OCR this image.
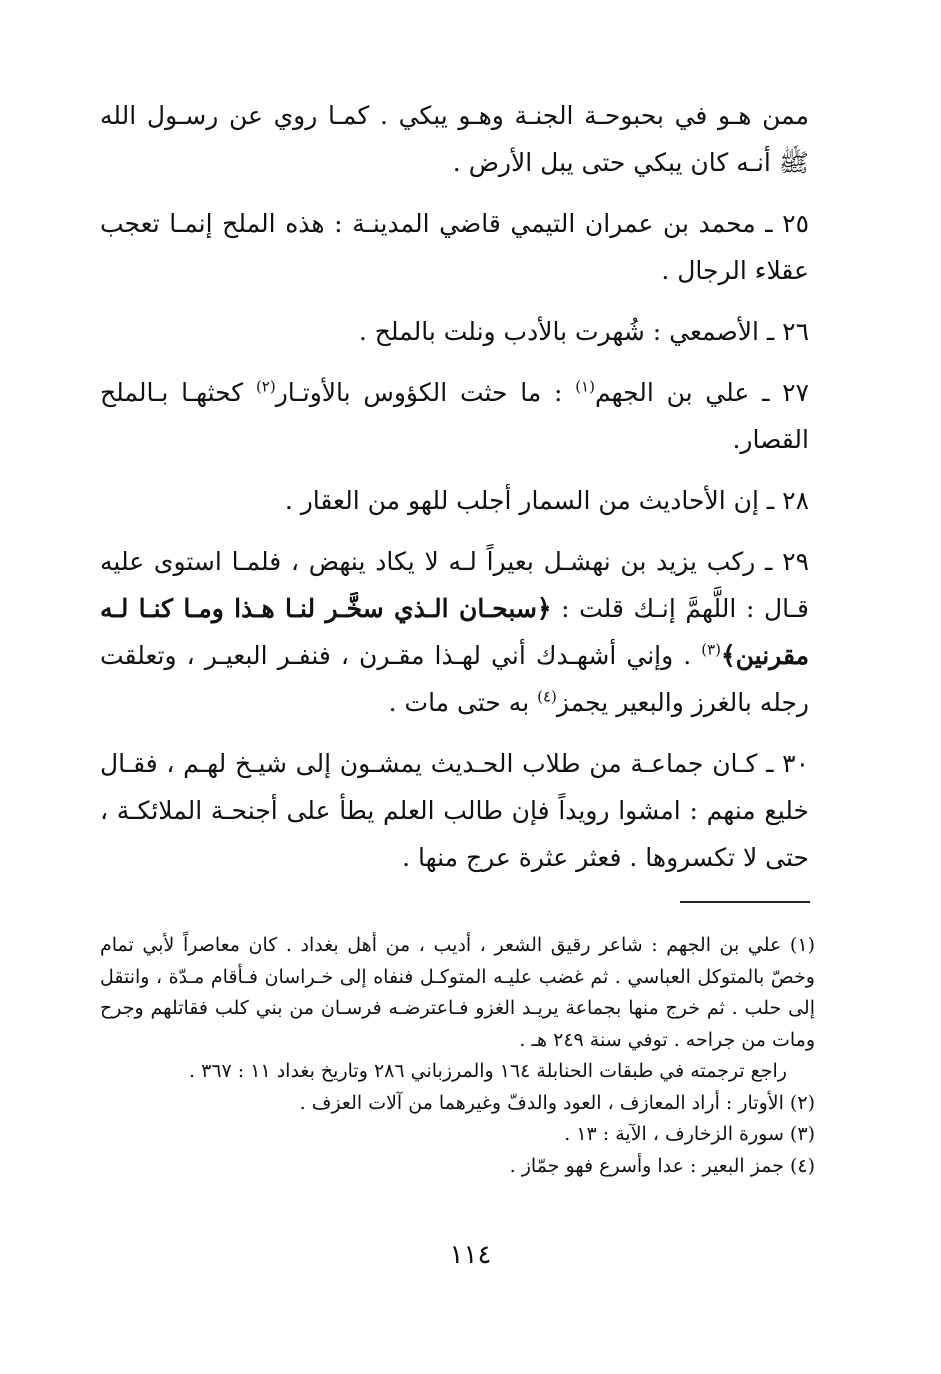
ممن هـو في بحبوحـة الجنـة وهـو يبكي . كمـا روي عن رسـول الله ﷺ أنـه كان يبكي حتى يبل الأرض .

٢٥ ـ محمد بن عمران التيمي قاضي المدينـة : هذه الملح إنمـا تعجب عقلاء الرجال .

٢٦ ـ الأصمعي : شُهرت بالأدب ونلت بالملح .

٢٧ ـ علي بن الجهم$^{(١)}$ : ما حثت الكؤوس بالأوتـار$^{(٢)}$ كحثهـا بـالملح القصار.

٢٨ ـ إن الأحاديث من السمار أجلب للهو من العقار .

٢٩ ـ ركب يزيد بن نهشـل بعيراً لـه لا يكاد ينهض ، فلمـا استوى عليه قـال : اللَّهمَّ إنـك قلت : ﴿سبحـان الـذي سخَّـر لنـا هـذا ومـا كنـا لـه مقرنين﴾$^{(٣)}$ . وإني أشهـدك أني لهـذا مقـرن ، فنفـر البعيـر ، وتعلقت رجله بالغرز والبعير يجمز$^{(٤)}$ به حتى مات .

٣٠ ـ كـان جماعـة من طلاب الحـديث يمشـون إلى شيـخ لهـم ، فقـال خليع منهم : امشوا رويداً فإن طالب العلم يطأ على أجنحـة الملائكـة ، حتى لا تكسروها . فعثر عثرة عرج منها .

(١) علي بن الجهم : شاعر رقيق الشعر ، أديب ، من أهل بغداد . كان معاصراً لأبي تمام وخصّ بالمتوكل العباسي . ثم غضب عليـه المتوكـل فنفاه إلى خـراسان فـأقام مـدّة ، وانتقل إلى حلب . ثم خرج منها بجماعة يريـد الغزو فـاعترضـه فرسـان من بني كلب فقاتلهم وجرح ومات من جراحه . توفي سنة ٢٤٩ هـ .

راجع ترجمته في طبقات الحنابلة ١٦٤ والمرزباني ٢٨٦ وتاريخ بغداد ١١ : ٣٦٧ .

(٢) الأوتار : أراد المعازف ، العود والدفّ وغيرهما من آلات العزف .

(٣) سورة الزخارف ، الآية : ١٣ .

(٤) جمز البعير : عدا وأسرع فهو جمّاز .

١١٤
